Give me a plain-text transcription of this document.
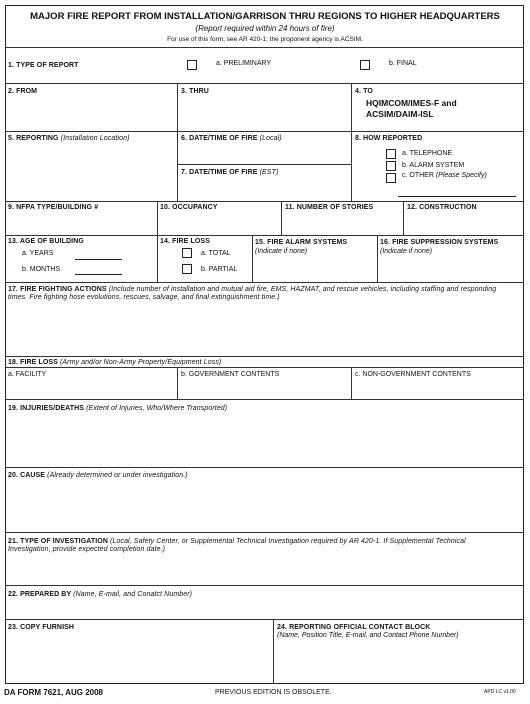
MAJOR FIRE REPORT FROM INSTALLATION/GARRISON THRU REGIONS TO HIGHER HEADQUARTERS
(Report required within 24 hours of fire)
For use of this form, see AR 420-1; the proponent agency is ACSIM.
1. TYPE OF REPORT	a. PRELIMINARY	b. FINAL
2. FROM	3. THRU	4. TO
HQIMCOM/IMES-F and
ACSIM/DAIM-ISL
5. REPORTING (Installation Location)	6. DATE/TIME OF FIRE (Local)
7. DATE/TIME OF FIRE (EST)
8. HOW REPORTED
a. TELEPHONE
b. ALARM SYSTEM
c. OTHER (Please Specify)
9. NFPA TYPE/BUILDING #	10. OCCUPANCY	11. NUMBER OF STORIES	12. CONSTRUCTION
13. AGE OF BUILDING
a. YEARS
b. MONTHS
14. FIRE LOSS
a. TOTAL
b. PARTIAL
15. FIRE ALARM SYSTEMS
(Indicate if none)
16. FIRE SUPPRESSION SYSTEMS
(Indicate if none)
17. FIRE FIGHTING ACTIONS (Include number of installation and mutual aid fire, EMS, HAZMAT, and rescue vehicles, including staffing and responding times. Fire fighting hose evolutions, rescues, salvage, and final extinguishment time.)
18. FIRE LOSS (Army and/or Non-Army Property/Equipment Loss)
a. FACILITY	b. GOVERNMENT CONTENTS	c. NON-GOVERNMENT CONTENTS
19. INJURIES/DEATHS (Extent of Injuries, Who/Where Transported)
20. CAUSE (Already determined or under investigation.)
21. TYPE OF INVESTIGATION (Local, Safety Center, or Supplemental Technical Investigation required by AR 420-1. If Supplemental Technical Investigation, provide expected completion date.)
22. PREPARED BY (Name, E-mail, and Conatct Number)
23. COPY FURNISH	24. REPORTING OFFICIAL CONTACT BLOCK
(Name, Position Title, E-mail, and Contact Phone Number)
DA FORM 7621, AUG 2008	PREVIOUS EDITION IS OBSOLETE.	APD LC v1.00
